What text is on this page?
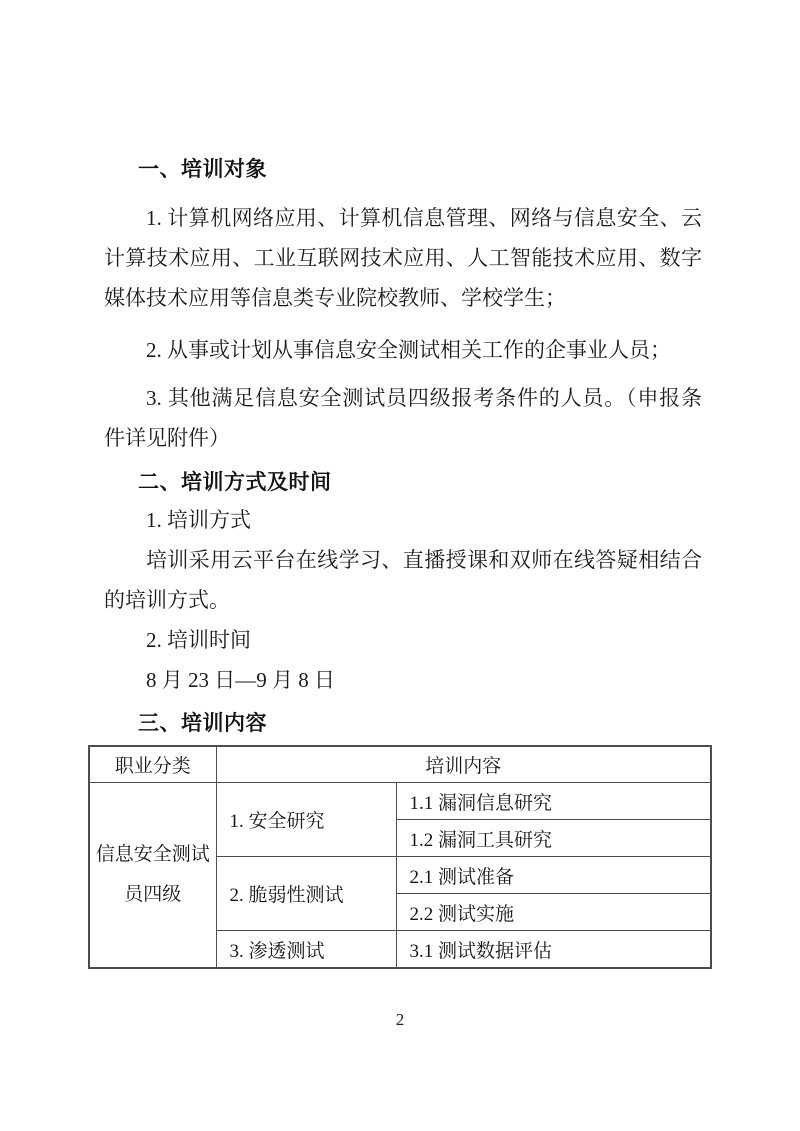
一、培训对象

1. 计算机网络应用、计算机信息管理、网络与信息安全、云计算技术应用、工业互联网技术应用、人工智能技术应用、数字媒体技术应用等信息类专业院校教师、学校学生；

2. 从事或计划从事信息安全测试相关工作的企事业人员；

3. 其他满足信息安全测试员四级报考条件的人员。（申报条件详见附件）

二、培训方式及时间

1. 培训方式

培训采用云平台在线学习、直播授课和双师在线答疑相结合的培训方式。

2. 培训时间

8 月 23 日—9 月 8 日

三、培训内容
职业分类	培训内容	
信息安全测试员四级	1. 安全研究	1.1 漏洞信息研究
		1.2 漏洞工具研究
	2. 脆弱性测试	2.1 测试准备
		2.2 测试实施
	3. 渗透测试	3.1 测试数据评估
2
